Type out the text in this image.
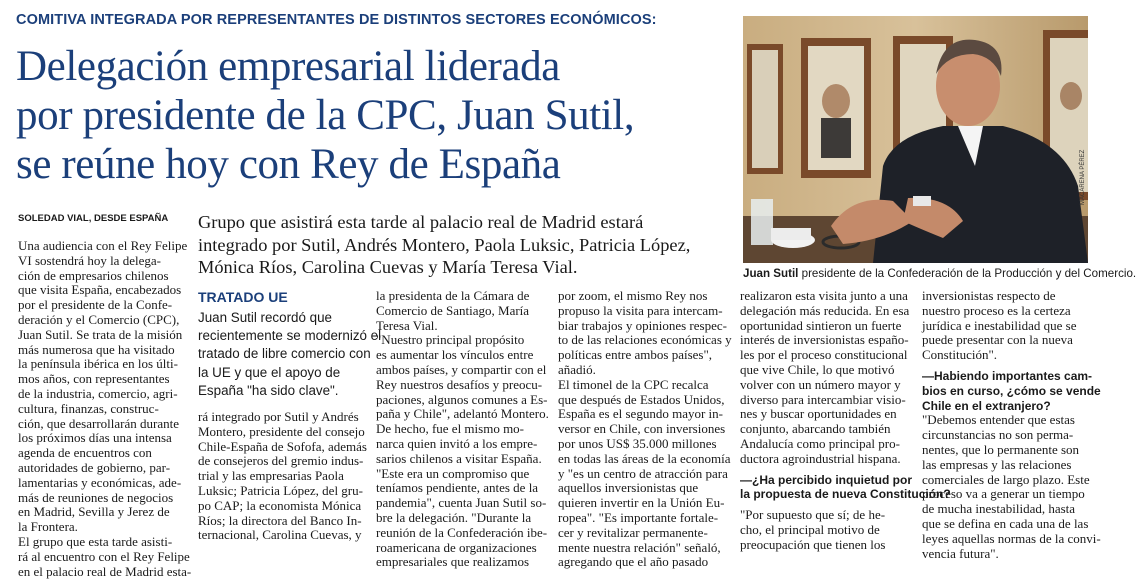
COMITIVA INTEGRADA POR REPRESENTANTES DE DISTINTOS SECTORES ECONÓMICOS:
Delegación empresarial liderada
por presidente de la CPC, Juan Sutil,
se reúne hoy con Rey de España	MACARENA PÉREZ
Juan Sutil presidente de la Confederación de la Producción y del Comercio.
SOLEDAD VIAL, DESDE ESPAÑA	Grupo que asistirá esta tarde al palacio real de Madrid estará
integrado por Sutil, Andrés Montero, Paola Luksic, Patricia López,
Mónica Ríos, Carolina Cuevas y María Teresa Vial.
TRATADO UE
Juan Sutil recordó que
recientemente se modernizó el
tratado de libre comercio con
la UE y que el apoyo de
España "ha sido clave".
Una audiencia con el Rey Felipe
VI sostendrá hoy la delega-
ción de empresarios chilenos
que visita España, encabezados
por el presidente de la Confe-
deración y el Comercio (CPC),
Juan Sutil. Se trata de la misión
más numerosa que ha visitado
la península ibérica en los últi-
mos años, con representantes
de la industria, comercio, agri-
cultura, finanzas, construc-
ción, que desarrollarán durante
los próximos días una intensa
agenda de encuentros con
autoridades de gobierno, par-
lamentarias y económicas, ade-
más de reuniones de negocios
en Madrid, Sevilla y Jerez de
la Frontera.
El grupo que esta tarde asisti-
rá al encuentro con el Rey Felipe
en el palacio real de Madrid esta-
rá integrado por Sutil y Andrés
Montero, presidente del consejo
Chile-España de Sofofa, además
de consejeros del gremio indus-
trial y las empresarias Paola
Luksic; Patricia López, del gru-
po CAP; la economista Mónica
Ríos; la directora del Banco In-
ternacional, Carolina Cuevas, y
la presidenta de la Cámara de
Comercio de Santiago, María
Teresa Vial.
"Nuestro principal propósito
es aumentar los vínculos entre
ambos países, y compartir con el
Rey nuestros desafíos y preocu-
paciones, algunos comunes a Es-
paña y Chile", adelantó Montero.
De hecho, fue el mismo mo-
narca quien invitó a los empre-
sarios chilenos a visitar España.
"Este era un compromiso que
teníamos pendiente, antes de la
pandemia", cuenta Juan Sutil so-
bre la delegación. "Durante la
reunión de la Confederación ibe-
roamericana de organizaciones
empresariales que realizamos
por zoom, el mismo Rey nos
propuso la visita para intercam-
biar trabajos y opiniones respec-
to de las relaciones económicas y
políticas entre ambos países",
añadió.
El timonel de la CPC recalca
que después de Estados Unidos,
España es el segundo mayor in-
versor en Chile, con inversiones
por unos US$ 35.000 millones
en todas las áreas de la economía
y "es un centro de atracción para
aquellos inversionistas que
quieren invertir en la Unión Eu-
ropea". "Es importante fortale-
cer y revitalizar permanente-
mente nuestra relación" señaló,
agregando que el año pasado
realizaron esta visita junto a una
delegación más reducida. En esa
oportunidad sintieron un fuerte
interés de inversionistas españo-
les por el proceso constitucional
que vive Chile, lo que motivó
volver con un número mayor y
diverso para intercambiar visio-
nes y buscar oportunidades en
conjunto, abarcando también
Andalucía como principal pro-
ductora agroindustrial hispana.

—¿Ha percibido inquietud por
la propuesta de nueva Constitución?

"Por supuesto que sí; de he-
cho, el principal motivo de
preocupación que tienen los
inversionistas respecto de
nuestro proceso es la certeza
jurídica e inestabilidad que se
puede presentar con la nueva
Constitución".

—Habiendo importantes cam-
bios en curso, ¿cómo se vende
Chile en el extranjero?
"Debemos entender que estas
circunstancias no son perma-
nentes, que lo permanente son
las empresas y las relaciones
comerciales de largo plazo. Este
proceso va a generar un tiempo
de mucha inestabilidad, hasta
que se defina en cada una de las
leyes aquellas normas de la convi-
vencia futura".
